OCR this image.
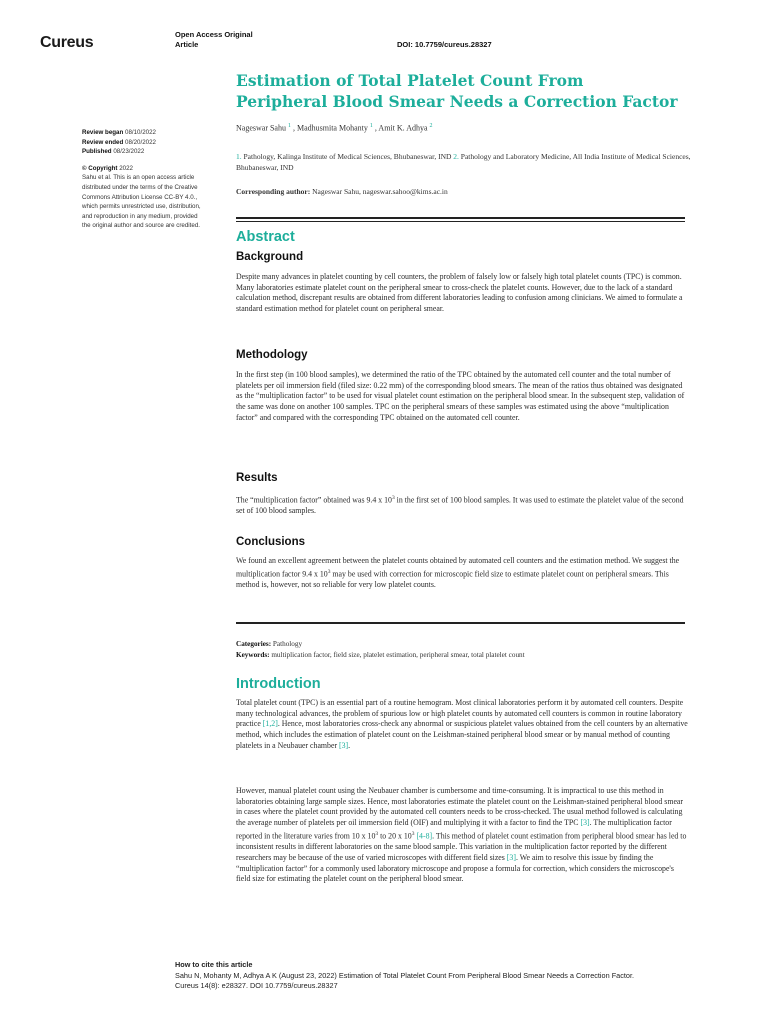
Cureus	Open Access Original
Article	DOI: 10.7759/cureus.28327
Estimation of Total Platelet Count From
Peripheral Blood Smear Needs a Correction Factor
Nageswar Sahu $^1$ , Madhusmita Mohanty $^1$ , Amit K. Adhya $^2$
1. Pathology, Kalinga Institute of Medical Sciences, Bhubaneswar, IND 2. Pathology and Laboratory Medicine, All India Institute of Medical Sciences, Bhubaneswar, IND
Corresponding author: Nageswar Sahu, nageswar.sahoo@kims.ac.in
Review began 08/10/2022
Review ended 08/20/2022
Published 08/23/2022
© Copyright 2022
Sahu et al. This is an open access article
distributed under the terms of the Creative
Commons Attribution License CC-BY 4.0.,
which permits unrestricted use, distribution,
and reproduction in any medium, provided
the original author and source are credited.
Abstract
Background
Despite many advances in platelet counting by cell counters, the problem of falsely low or falsely high total platelet counts (TPC) is common. Many laboratories estimate platelet count on the peripheral smear to cross-check the platelet counts. However, due to the lack of a standard calculation method, discrepant results are obtained from different laboratories leading to confusion among clinicians. We aimed to formulate a standard estimation method for platelet count on peripheral smear.
Methodology
In the first step (in 100 blood samples), we determined the ratio of the TPC obtained by the automated cell counter and the total number of platelets per oil immersion field (filed size: 0.22 mm) of the corresponding blood smears. The mean of the ratios thus obtained was designated as the “multiplication factor” to be used for visual platelet count estimation on the peripheral blood smear. In the subsequent step, validation of the same was done on another 100 samples. TPC on the peripheral smears of these samples was estimated using the above “multiplication factor” and compared with the corresponding TPC obtained on the automated cell counter.
Results
The “multiplication factor” obtained was 9.4 x $10^3$ in the first set of 100 blood samples. It was used to estimate the platelet value of the second set of 100 blood samples.
Conclusions
We found an excellent agreement between the platelet counts obtained by automated cell counters and the estimation method. We suggest the multiplication factor 9.4 x $10^3$ may be used with correction for microscopic field size to estimate platelet count on peripheral smears. This method is, however, not so reliable for very low platelet counts.
Categories: Pathology
Keywords: multiplication factor, field size, platelet estimation, peripheral smear, total platelet count
Introduction
Total platelet count (TPC) is an essential part of a routine hemogram. Most clinical laboratories perform it by automated cell counters. Despite many technological advances, the problem of spurious low or high platelet counts by automated cell counters is common in routine laboratory practice [1,2]. Hence, most laboratories cross-check any abnormal or suspicious platelet values obtained from the cell counters by an alternative method, which includes the estimation of platelet count on the Leishman-stained peripheral blood smear or by manual method of counting platelets in a Neubauer chamber [3].
However, manual platelet count using the Neubauer chamber is cumbersome and time-consuming. It is impractical to use this method in laboratories obtaining large sample sizes. Hence, most laboratories estimate the platelet count on the Leishman-stained peripheral blood smear in cases where the platelet count provided by the automated cell counters needs to be cross-checked. The usual method followed is calculating the average number of platelets per oil immersion field (OIF) and multiplying it with a factor to find the TPC [3]. The multiplication factor reported in the literature varies from 10 x $10^3$ to 20 x $10^3$ [4-8]. This method of platelet count estimation from peripheral blood smear has led to inconsistent results in different laboratories on the same blood sample. This variation in the multiplication factor reported by the different researchers may be because of the use of varied microscopes with different field sizes [3]. We aim to resolve this issue by finding the “multiplication factor” for a commonly used laboratory microscope and propose a formula for correction, which considers the microscope's field size for estimating the platelet count on the peripheral blood smear.
How to cite this article
Sahu N, Mohanty M, Adhya A K (August 23, 2022) Estimation of Total Platelet Count From Peripheral Blood Smear Needs a Correction Factor.
Cureus 14(8): e28327. DOI 10.7759/cureus.28327
